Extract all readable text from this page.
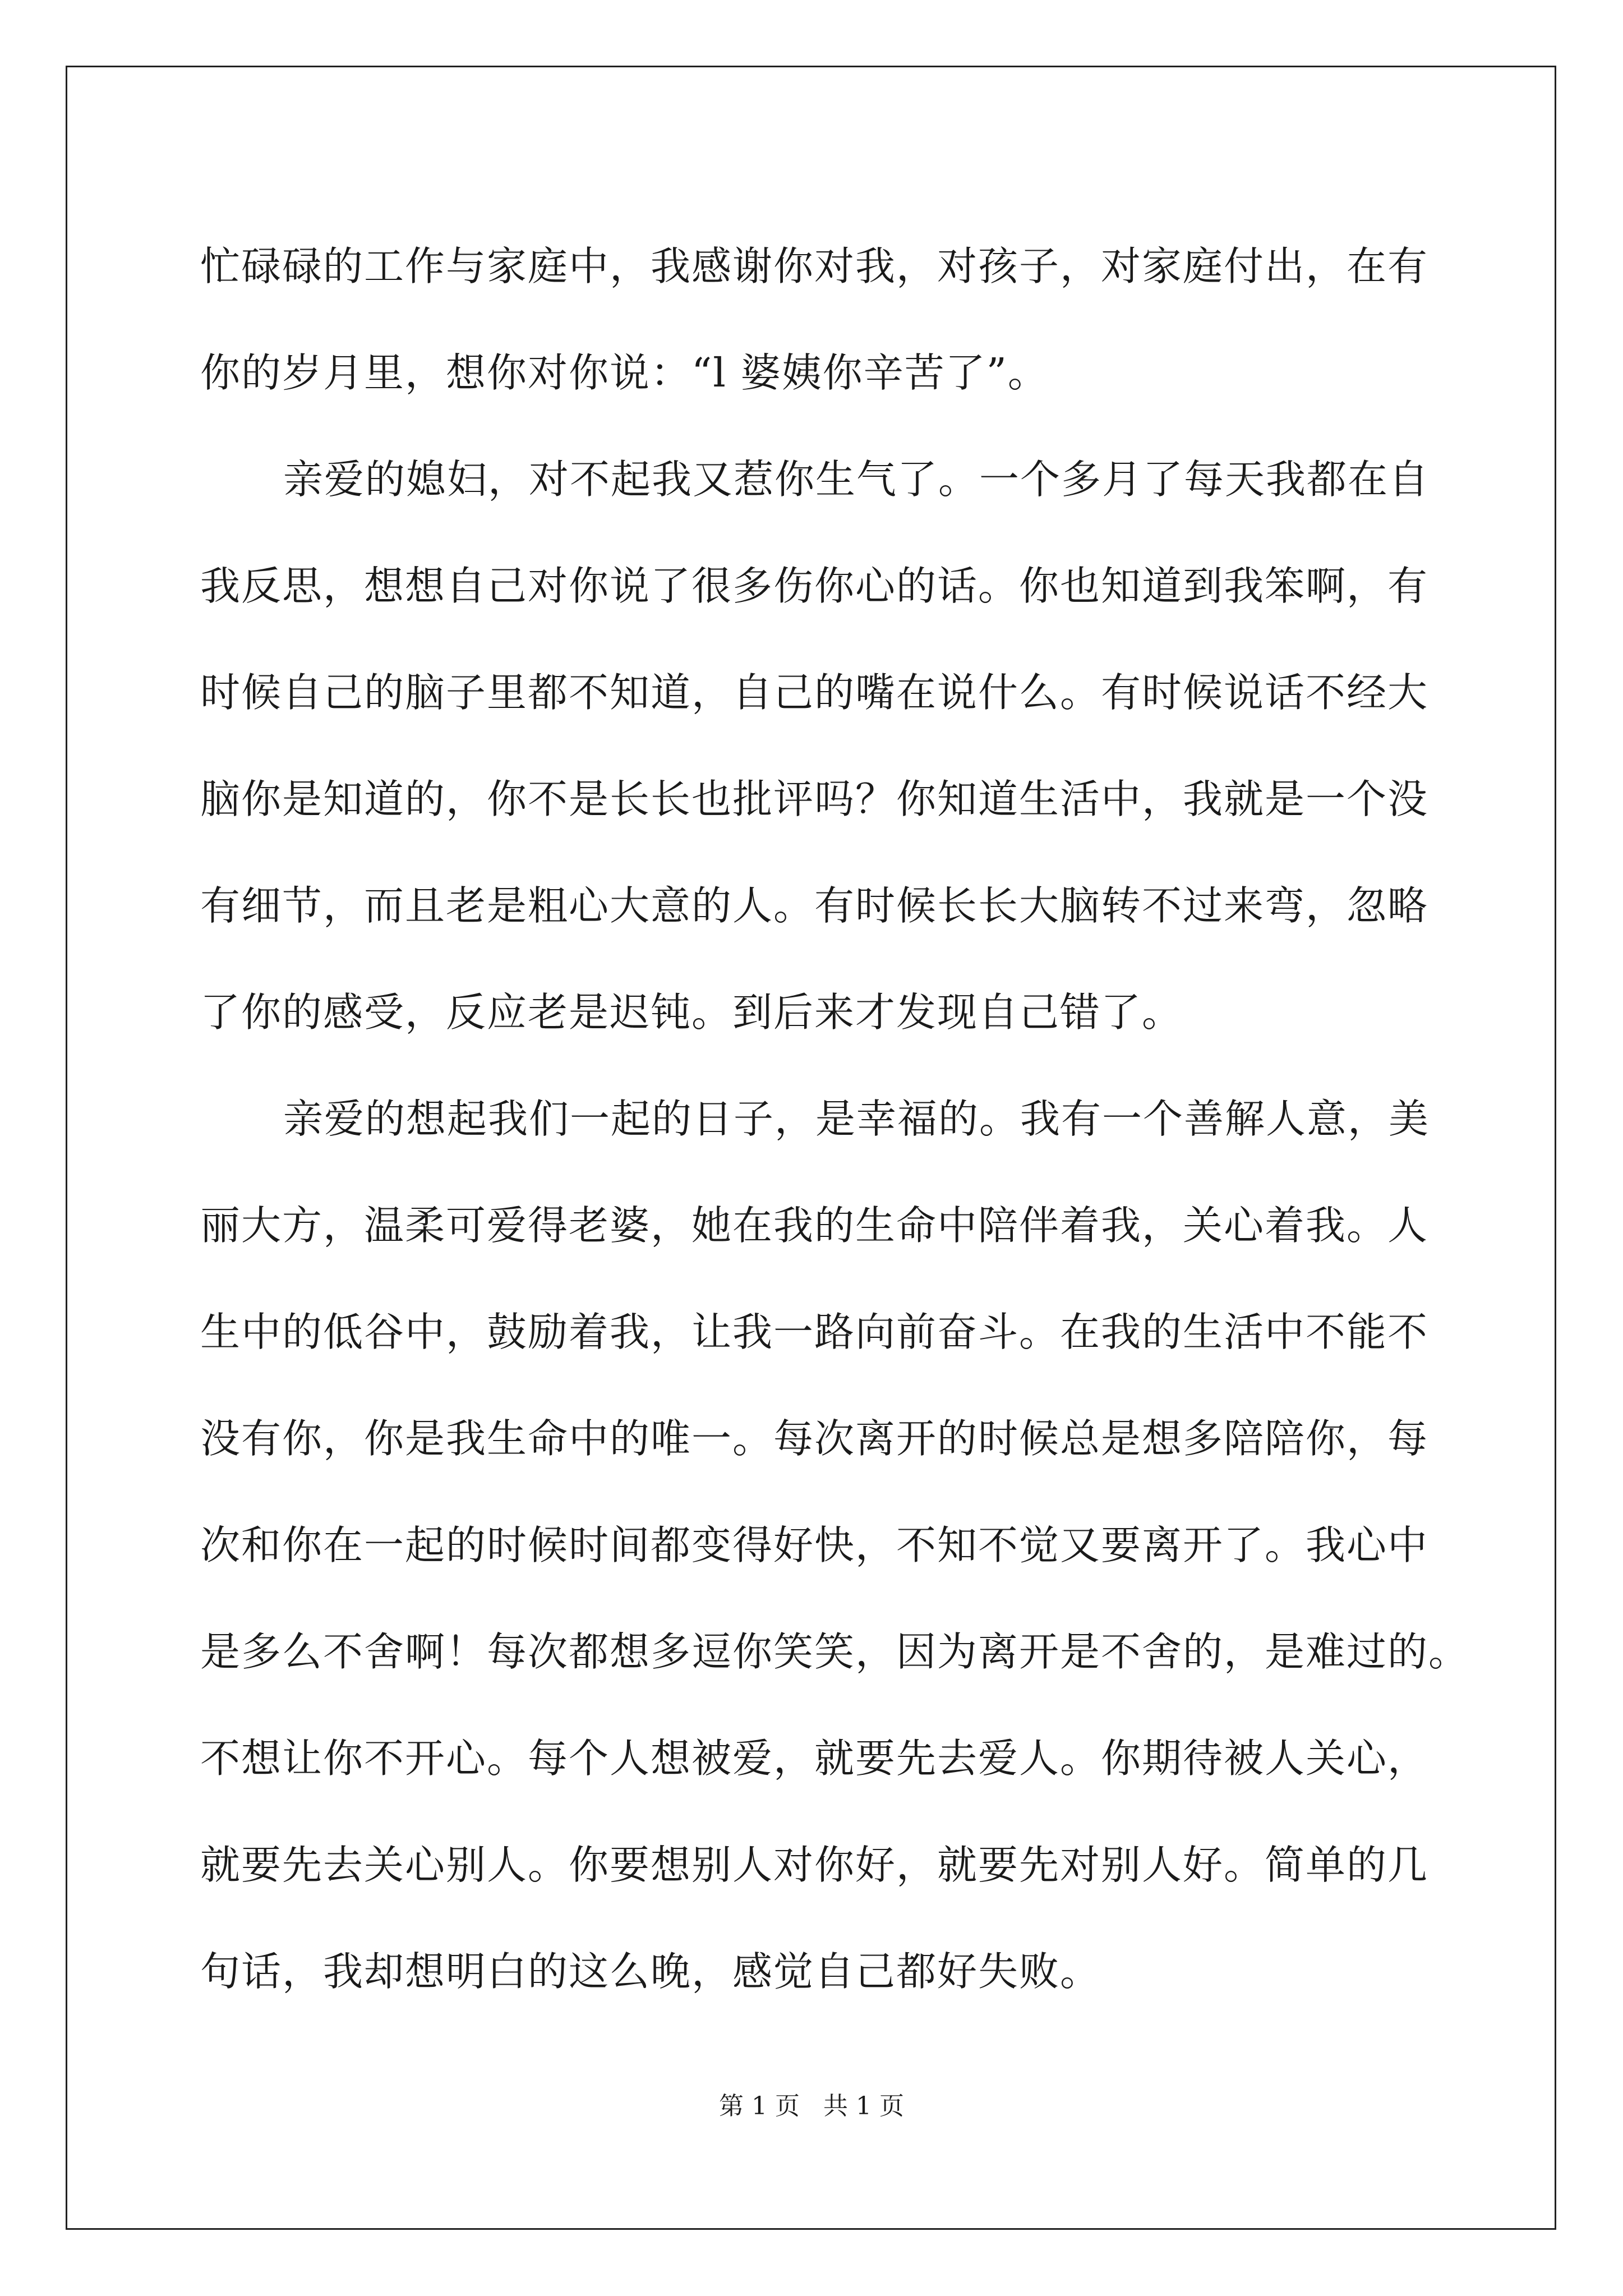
忙碌碌的工作与家庭中，我感谢你对我，对孩子，对家庭付出，在有
你的岁月里，想你对你说：“l 婆姨你辛苦了”。
亲爱的媳妇，对不起我又惹你生气了。一个多月了每天我都在自
我反思，想想自己对你说了很多伤你心的话。你也知道到我笨啊，有
时候自己的脑子里都不知道，自己的嘴在说什么。有时候说话不经大
脑你是知道的，你不是长长也批评吗？你知道生活中，我就是一个没
有细节，而且老是粗心大意的人。有时候长长大脑转不过来弯，忽略
了你的感受，反应老是迟钝。到后来才发现自己错了。
亲爱的想起我们一起的日子，是幸福的。我有一个善解人意，美
丽大方，温柔可爱得老婆，她在我的生命中陪伴着我，关心着我。人
生中的低谷中，鼓励着我，让我一路向前奋斗。在我的生活中不能不
没有你，你是我生命中的唯一。每次离开的时候总是想多陪陪你，每
次和你在一起的时候时间都变得好快，不知不觉又要离开了。我心中
是多么不舍啊！每次都想多逗你笑笑，因为离开是不舍的，是难过的。
不想让你不开心。每个人想被爱，就要先去爱人。你期待被人关心，
就要先去关心别人。你要想别人对你好，就要先对别人好。简单的几
句话，我却想明白的这么晚，感觉自己都好失败。
第 1 页   共 1 页
